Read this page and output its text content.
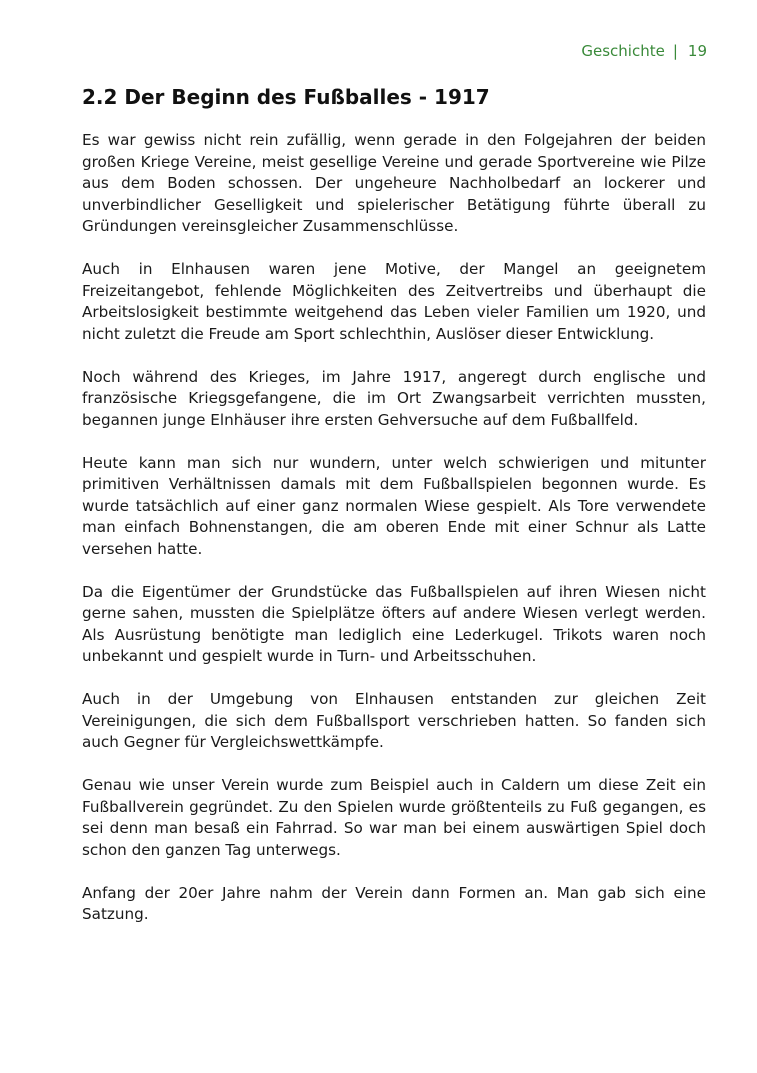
Geschichte | 19
2.2 Der Beginn des Fußballes - 1917

Es war gewiss nicht rein zufällig, wenn gerade in den Folgejahren der beiden großen Kriege Vereine, meist gesellige Vereine und gerade Sportvereine wie Pilze aus dem Boden schossen. Der ungeheure Nachholbedarf an lockerer und unverbindlicher Geselligkeit und spielerischer Betätigung führte überall zu Gründungen vereinsgleicher Zusammenschlüsse.

Auch in Elnhausen waren jene Motive, der Mangel an geeignetem Freizeitangebot, fehlende Möglichkeiten des Zeitvertreibs und überhaupt die Arbeitslosigkeit bestimmte weitgehend das Leben vieler Familien um 1920, und nicht zuletzt die Freude am Sport schlechthin, Auslöser dieser Entwicklung.

Noch während des Krieges, im Jahre 1917, angeregt durch englische und französische Kriegsgefangene, die im Ort Zwangsarbeit verrichten mussten, begannen junge Elnhäuser ihre ersten Gehversuche auf dem Fußballfeld.

Heute kann man sich nur wundern, unter welch schwierigen und mitunter primitiven Verhältnissen damals mit dem Fußballspielen begonnen wurde. Es wurde tatsächlich auf einer ganz normalen Wiese gespielt. Als Tore verwendete man einfach Bohnenstangen, die am oberen Ende mit einer Schnur als Latte versehen hatte.

Da die Eigentümer der Grundstücke das Fußballspielen auf ihren Wiesen nicht gerne sahen, mussten die Spielplätze öfters auf andere Wiesen verlegt werden. Als Ausrüstung benötigte man lediglich eine Lederkugel. Trikots waren noch unbekannt und gespielt wurde in Turn- und Arbeitsschuhen.

Auch in der Umgebung von Elnhausen entstanden zur gleichen Zeit Vereinigungen, die sich dem Fußballsport verschrieben hatten. So fanden sich auch Gegner für Vergleichswettkämpfe.

Genau wie unser Verein wurde zum Beispiel auch in Caldern um diese Zeit ein Fußballverein gegründet. Zu den Spielen wurde größtenteils zu Fuß gegangen, es sei denn man besaß ein Fahrrad. So war man bei einem auswärtigen Spiel doch schon den ganzen Tag unterwegs.

Anfang der 20er Jahre nahm der Verein dann Formen an. Man gab sich eine Satzung.
